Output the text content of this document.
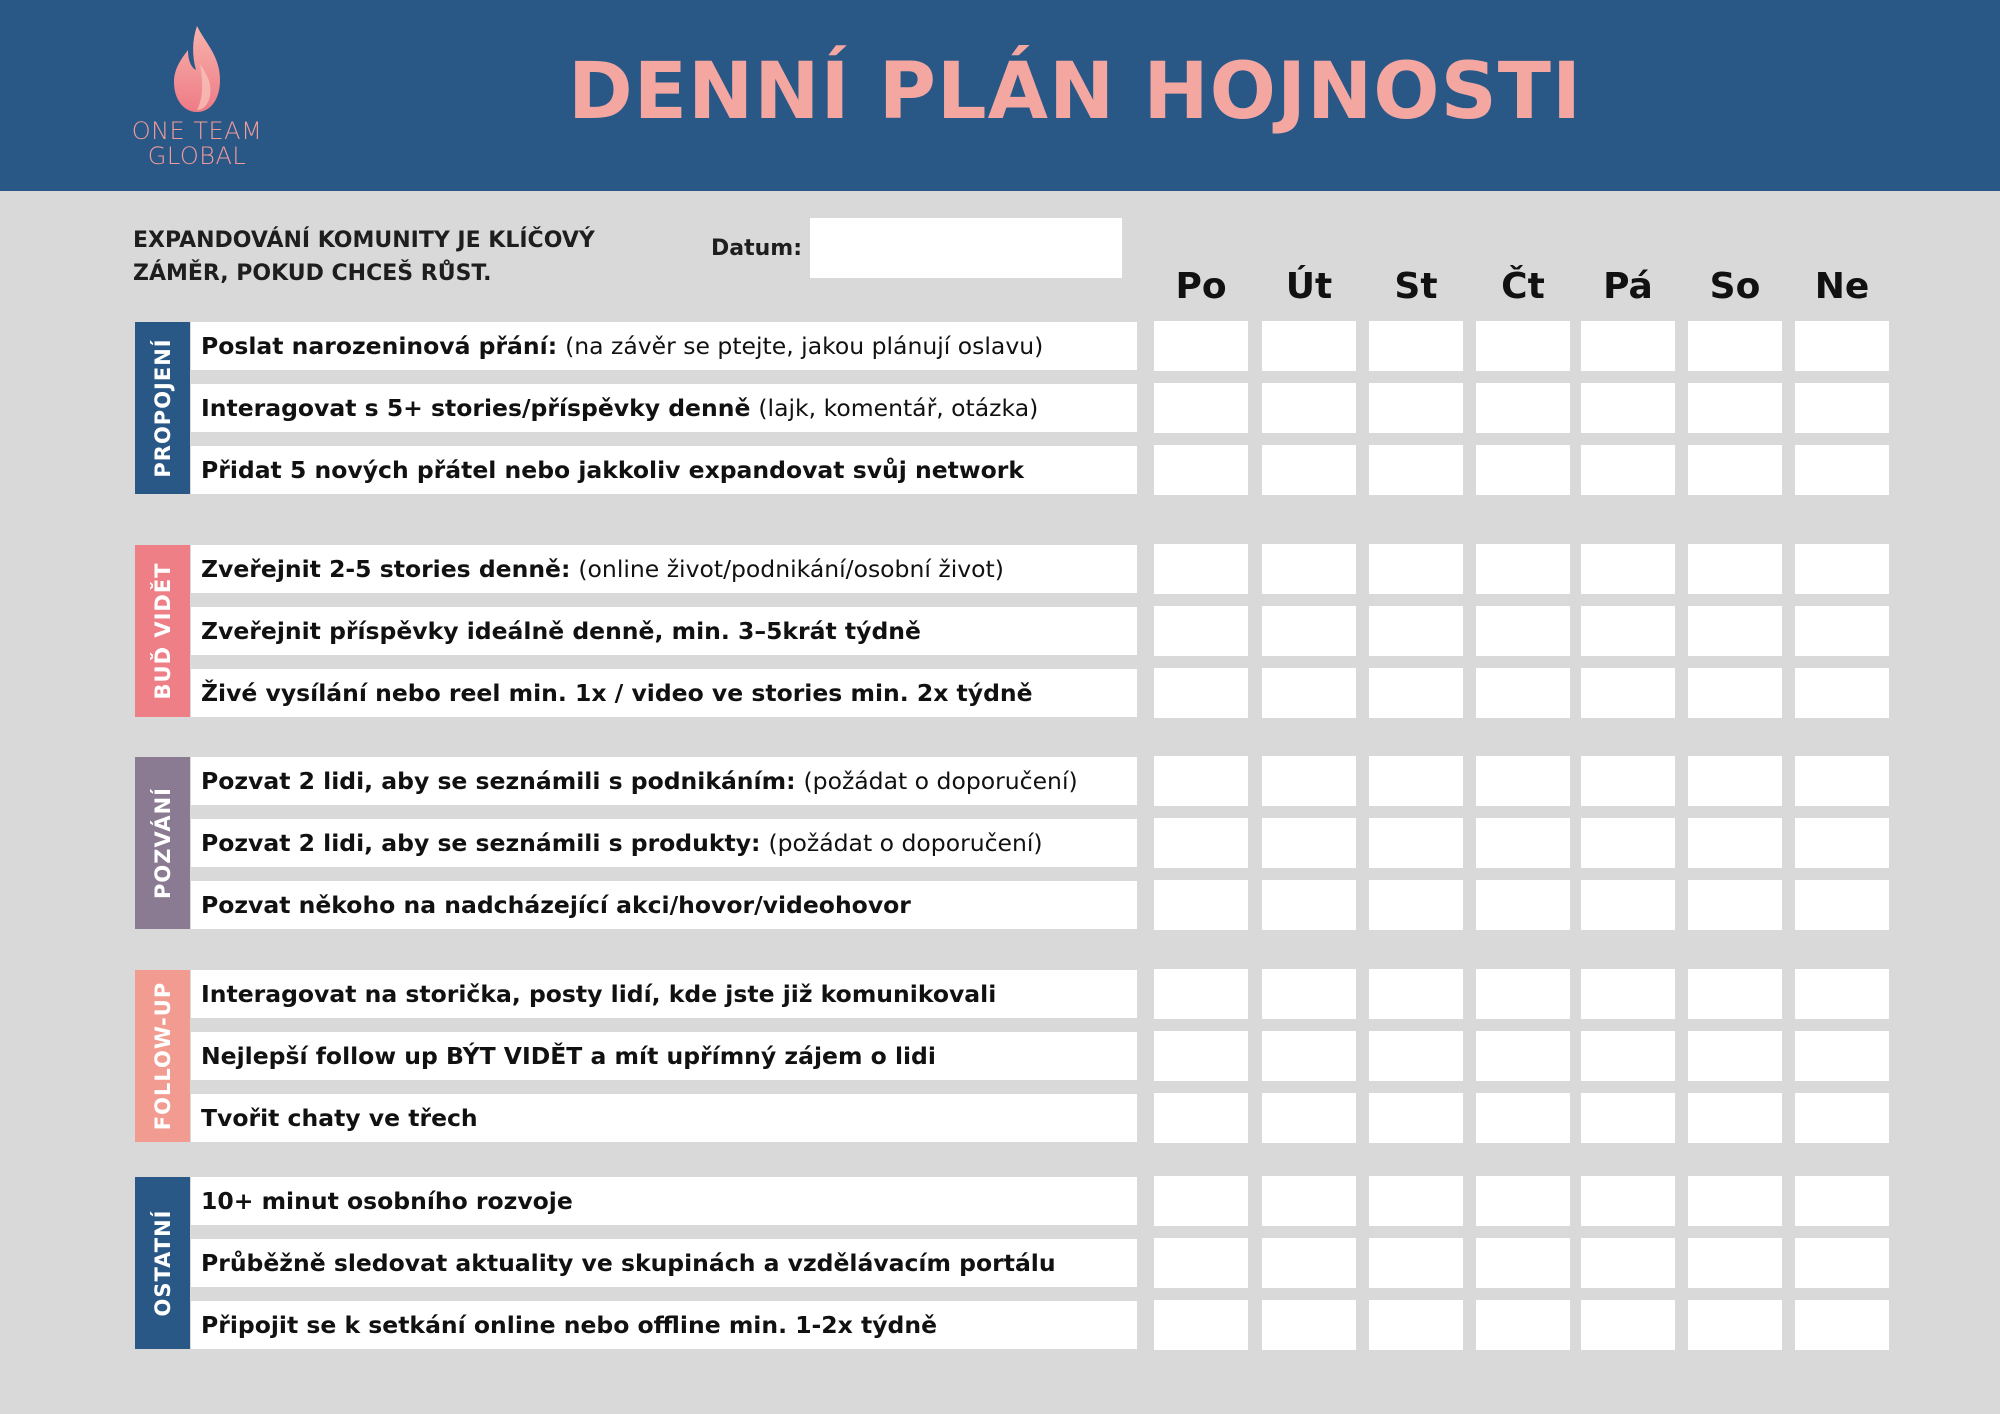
ONE TEAM
GLOBAL
DENNÍ PLÁN HOJNOSTI
EXPANDOVÁNÍ KOMUNITY JE KLÍČOVÝ ZÁMĚR, POKUD CHCEŠ RŮST.
Datum:
Po	Út	St	Čt	Pá	So	Ne
PROPOJENÍ Poslat narozeninová přání: (na závěr se ptejte, jakou plánují oslavu)
Interagovat s 5+ stories/příspěvky denně (lajk, komentář, otázka)
Přidat 5 nových přátel nebo jakkoliv expandovat svůj network
BUĎ VIDĚT Zveřejnit 2-5 stories denně: (online život/podnikání/osobní život)
Zveřejnit příspěvky ideálně denně, min. 3–5krát týdně
Živé vysílání nebo reel min. 1x / video ve stories min. 2x týdně
POZVÁNÍ
Pozvat 2 lidi, aby se seznámili s podnikáním: (požádat o doporučení)
Pozvat 2 lidi, aby se seznámili s produkty: (požádat o doporučení)
Pozvat někoho na nadcházející akci/hovor/videohovor
FOLLOW-UP Interagovat na storička, posty lidí, kde jste již komunikovali
Nejlepší follow up BÝT VIDĚT a mít upřímný zájem o lidi
Tvořit chaty ve třech
OSTATNÍ
10+ minut osobního rozvoje
Průběžně sledovat aktuality ve skupinách a vzdělávacím portálu
Připojit se k setkání online nebo offline min. 1-2x týdně
